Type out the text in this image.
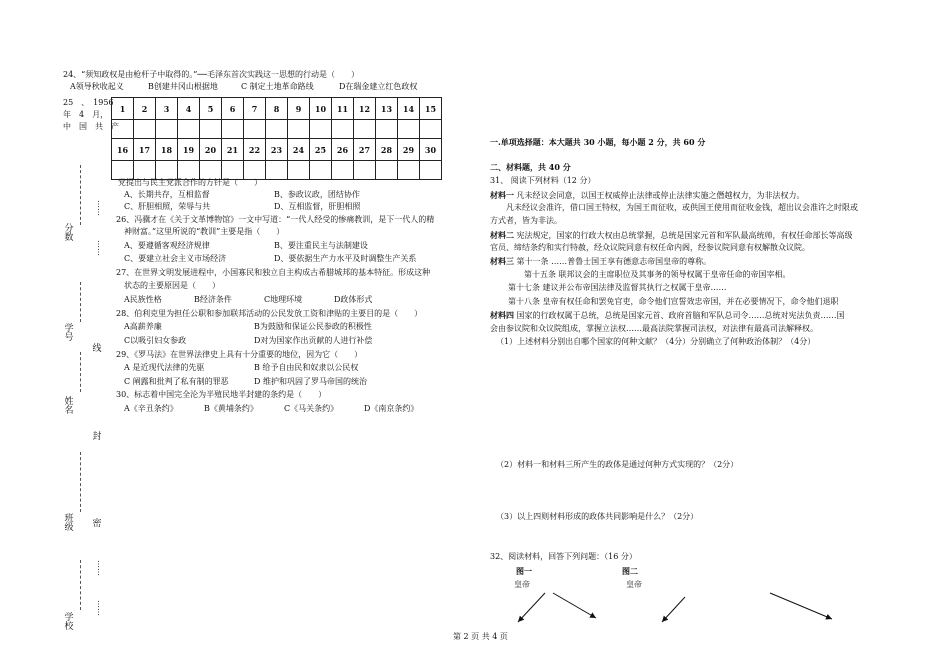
分数
学号
姓名
班级
学校
……
……
线
封
密
……
……
24、“须知政权是由枪杆子中取得的。”──毛泽东首次实践这一思想的行动是（　　）
A领导秋收起义	B创建井冈山根据地	C 制定土地革命路线	D在瑞金建立红色政权
25　、　1956
年　4　月，
中　国　共　产
1	2	3	4	5	6	7	8	9	10	11	12	13	14	15

16	17	18	19	20	21	22	23	24	25	26	27	28	29	30

党提出与民主党派合作的方针是（　　）
A、长期共存，互相监督	B、参政议政，团结协作
C、肝胆相照，荣辱与共	D、互相监督，肝胆相照
26、冯骥才在《关于文革博物馆》一文中写道：“一代人经受的惨痛教训，是下一代人的精
神财富。”这里所说的“教训”主要是指（　　）
A、要遵循客观经济规律	B、要注重民主与法制建设
C、要建立社会主义市场经济	D、要依据生产力水平及时调整生产关系
27、在世界文明发展进程中，小国寡民和独立自主构成古希腊城邦的基本特征。形成这种
状态的主要原因是（　　）
A民族性格	B经济条件	C地理环境	D政体形式
28、伯利克里为担任公职和参加联邦活动的公民发放工资和津贴的主要目的是（　　）
A高薪养廉	B为鼓励和保证公民参政的积极性
C以吸引妇女参政	D对为国家作出贡献的人进行补偿
29、《罗马法》在世界法律史上具有十分重要的地位，因为它（　　）
A 是近现代法律的先驱	B 给予自由民和奴隶以公民权
C 阐露和批判了私有制的罪恶	D 维护和巩固了罗马帝国的统治
30、标志着中国完全沦为半殖民地半封建的条约是（　　）
A《辛丑条约》	B《黄埔条约》	C《马关条约》	D《南京条约》
一.单项选择题：本大题共 30 小题，每小题 2 分，共 60 分
二、材料题，共 40 分
31、 阅读下列材料（12 分）
材料一 凡未经议会同意，以国王权威停止法律或停止法律实施之僭越权力，为非法权力。
　　凡未经议会准许，借口国王特权，为国王而征收，或供国王使用而征收金钱，超出议会准许之时限或
方式者，皆为非法。
材料二 宪法规定，国家的行政大权由总统掌握，总统是国家元首和军队最高统帅，有权任命部长等高级
官员、缔结条约和实行特赦，经众议院同意有权任命内阁，经参议院同意有权解散众议院。
材料三 第十一条 ……普鲁士国王享有德意志帝国皇帝的尊称。
第十五条 联邦议会的主席职位及其事务的领导权属于皇帝任命的帝国宰相。
第十七条 建议并公布帝国法律及监督其执行之权属于皇帝……
第十八条 皇帝有权任命和罢免官吏，命令他们宣誓效忠帝国，并在必要情况下，命令他们退职
材料四 国家的行政权属于总统，总统是国家元首、政府首脑和军队总司令……总统对宪法负责……国
会由参议院和众议院组成，掌握立法权……最高法院掌握司法权，对法律有最高司法解释权。
（1）上述材料分别出自哪个国家的何种文献？（4分）分别确立了何种政治体制？（4分）
（2）材料一和材料三所产生的政体是通过何种方式实现的？（2分）
（3）以上四则材料形成的政体共同影响是什么？（2分）
32、阅读材料，回答下列问题：（16 分）
图一	图二
皇帝	皇帝
第 2 页 共 4 页
